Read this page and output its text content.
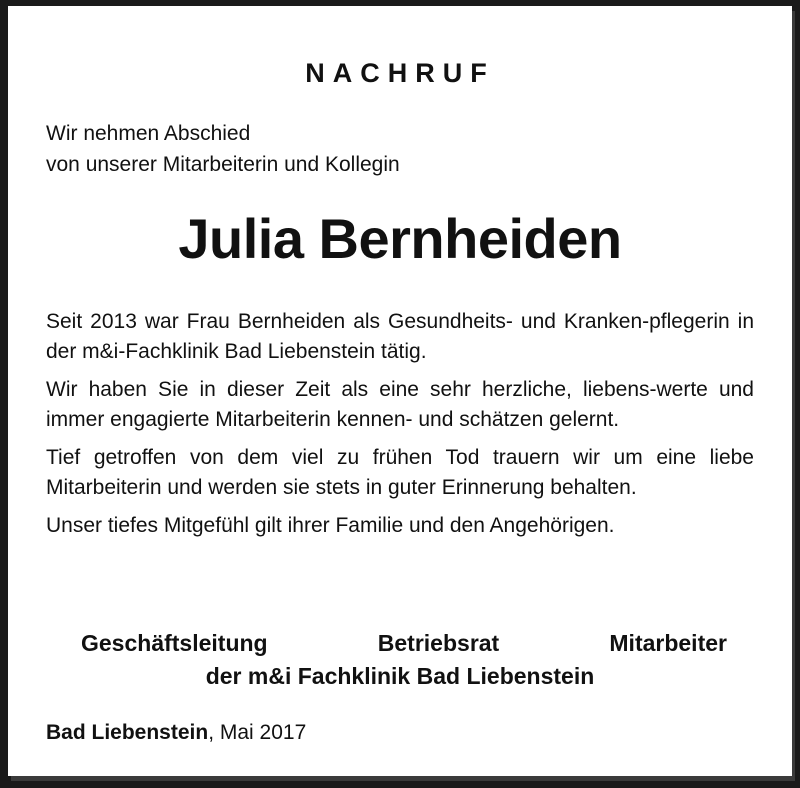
NACHRUF
Wir nehmen Abschied
von unserer Mitarbeiterin und Kollegin
Julia Bernheiden

Seit 2013 war Frau Bernheiden als Gesundheits- und Kranken-pflegerin in der m&i-Fachklinik Bad Liebenstein tätig.

Wir haben Sie in dieser Zeit als eine sehr herzliche, liebens-werte und immer engagierte Mitarbeiterin kennen- und schätzen gelernt.

Tief getroffen von dem viel zu frühen Tod trauern wir um eine liebe Mitarbeiterin und werden sie stets in guter Erinnerung behalten.

Unser tiefes Mitgefühl gilt ihrer Familie und den Angehörigen.

Geschäftsleitung	Betriebsrat	Mitarbeiter
der m&i Fachklinik Bad Liebenstein
Bad Liebenstein, Mai 2017
